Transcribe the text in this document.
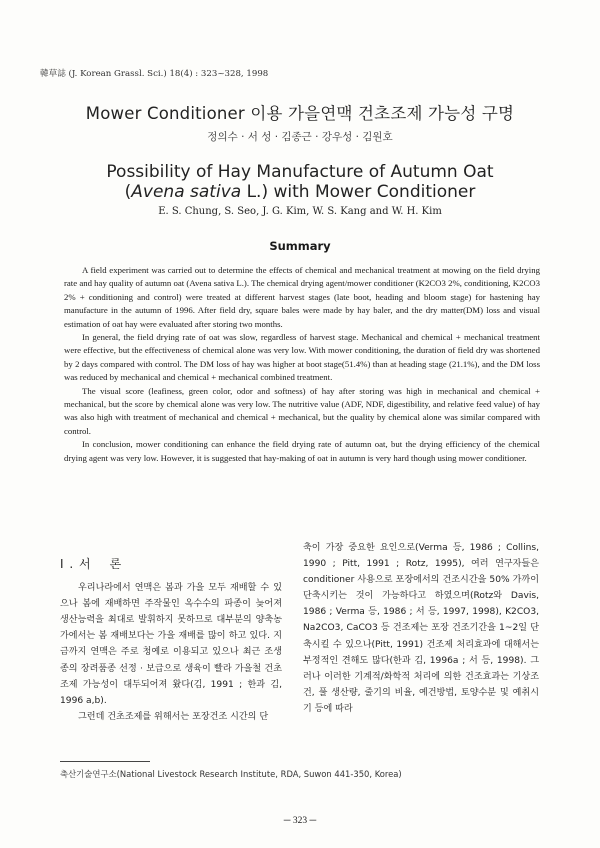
韓草誌 (J. Korean Grassl. Sci.) 18(4) : 323~328, 1998
Mower Conditioner 이용 가을연맥 건초조제 가능성 구명
정의수 · 서 성 · 김종근 · 강우성 · 김원호
Possibility of Hay Manufacture of Autumn Oat
(Avena sativa L.) with Mower Conditioner
E. S. Chung, S. Seo, J. G. Kim, W. S. Kang and W. H. Kim
Summary

A field experiment was carried out to determine the effects of chemical and mechanical treatment at mowing on the field drying rate and hay quality of autumn oat (Avena sativa L.). The chemical drying agent/mower conditioner (K2CO3 2%, conditioning, K2CO3 2% + conditioning and control) were treated at different harvest stages (late boot, heading and bloom stage) for hastening hay manufacture in the autumn of 1996. After field dry, square bales were made by hay baler, and the dry matter(DM) loss and visual estimation of oat hay were evaluated after storing two months.

In general, the field drying rate of oat was slow, regardless of harvest stage. Mechanical and chemical + mechanical treatment were effective, but the effectiveness of chemical alone was very low. With mower conditioning, the duration of field dry was shortened by 2 days compared with control. The DM loss of hay was higher at boot stage(51.4%) than at heading stage (21.1%), and the DM loss was reduced by mechanical and chemical + mechanical combined treatment.

The visual score (leafiness, green color, odor and softness) of hay after storing was high in mechanical and chemical + mechanical, but the score by chemical alone was very low. The nutritive value (ADF, NDF, digestibility, and relative feed value) of hay was also high with treatment of mechanical and chemical + mechanical, but the quality by chemical alone was similar compared with control.

In conclusion, mower conditioning can enhance the field drying rate of autumn oat, but the drying efficiency of the chemical drying agent was very low. However, it is suggested that hay-making of oat in autumn is very hard though using mower conditioner.

I . 서 론

우리나라에서 연맥은 봄과 가을 모두 재배할 수 있으나 봄에 재배하면 주작물인 옥수수의 파종이 늦어져 생산능력을 최대로 발휘하지 못하므로 대부분의 양축농가에서는 봄 재배보다는 가을 재배를 많이 하고 있다. 지금까지 연맥은 주로 청예로 이용되고 있으나 최근 조생종의 장려품종 선정 · 보급으로 생육이 빨라 가을철 건초조제 가능성이 대두되어져 왔다(김, 1991 ; 한과 김, 1996 a,b).

그런데 건초조제를 위해서는 포장건조 시간의 단

축이 가장 중요한 요인으로(Verma 등, 1986 ; Collins, 1990 ; Pitt, 1991 ; Rotz, 1995), 여러 연구자들은 conditioner 사용으로 포장에서의 건조시간을 50% 가까이 단축시키는 것이 가능하다고 하였으며(Rotz와 Davis, 1986 ; Verma 등, 1986 ; 서 등, 1997, 1998), K2CO3, Na2CO3, CaCO3 등 건조제는 포장 건조기간을 1~2일 단축시킬 수 있으나(Pitt, 1991) 건조제 처리효과에 대해서는 부정적인 견해도 많다(한과 김, 1996a ; 서 등, 1998). 그러나 이러한 기계적/화학적 처리에 의한 건조효과는 기상조건, 풀 생산량, 줄기의 비율, 예건방법, 토양수분 및 예취시기 등에 따라

축산기술연구소(National Livestock Research Institute, RDA, Suwon 441-350, Korea)
─ 323 ─
